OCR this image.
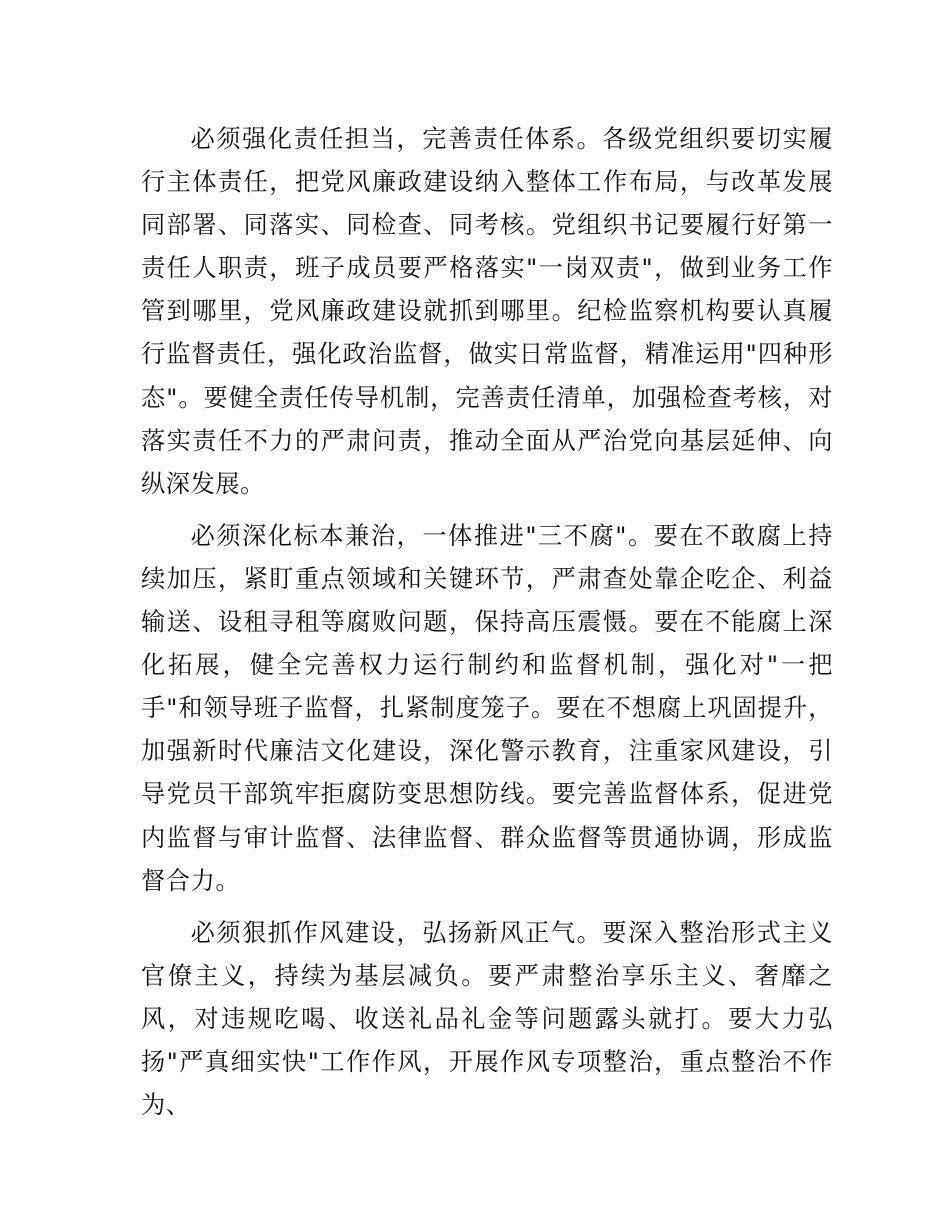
必须强化责任担当，完善责任体系。各级党组织要切实履行主体责任，把党风廉政建设纳入整体工作布局，与改革发展同部署、同落实、同检查、同考核。党组织书记要履行好第一责任人职责，班子成员要严格落实"一岗双责"，做到业务工作管到哪里，党风廉政建设就抓到哪里。纪检监察机构要认真履行监督责任，强化政治监督，做实日常监督，精准运用"四种形态"。要健全责任传导机制，完善责任清单，加强检查考核，对落实责任不力的严肃问责，推动全面从严治党向基层延伸、向纵深发展。

必须深化标本兼治，一体推进"三不腐"。要在不敢腐上持续加压，紧盯重点领域和关键环节，严肃查处靠企吃企、利益输送、设租寻租等腐败问题，保持高压震慑。要在不能腐上深化拓展，健全完善权力运行制约和监督机制，强化对"一把手"和领导班子监督，扎紧制度笼子。要在不想腐上巩固提升，加强新时代廉洁文化建设，深化警示教育，注重家风建设，引导党员干部筑牢拒腐防变思想防线。要完善监督体系，促进党内监督与审计监督、法律监督、群众监督等贯通协调，形成监督合力。

必须狠抓作风建设，弘扬新风正气。要深入整治形式主义官僚主义，持续为基层减负。要严肃整治享乐主义、奢靡之风，对违规吃喝、收送礼品礼金等问题露头就打。要大力弘扬"严真细实快"工作作风，开展作风专项整治，重点整治不作为、
